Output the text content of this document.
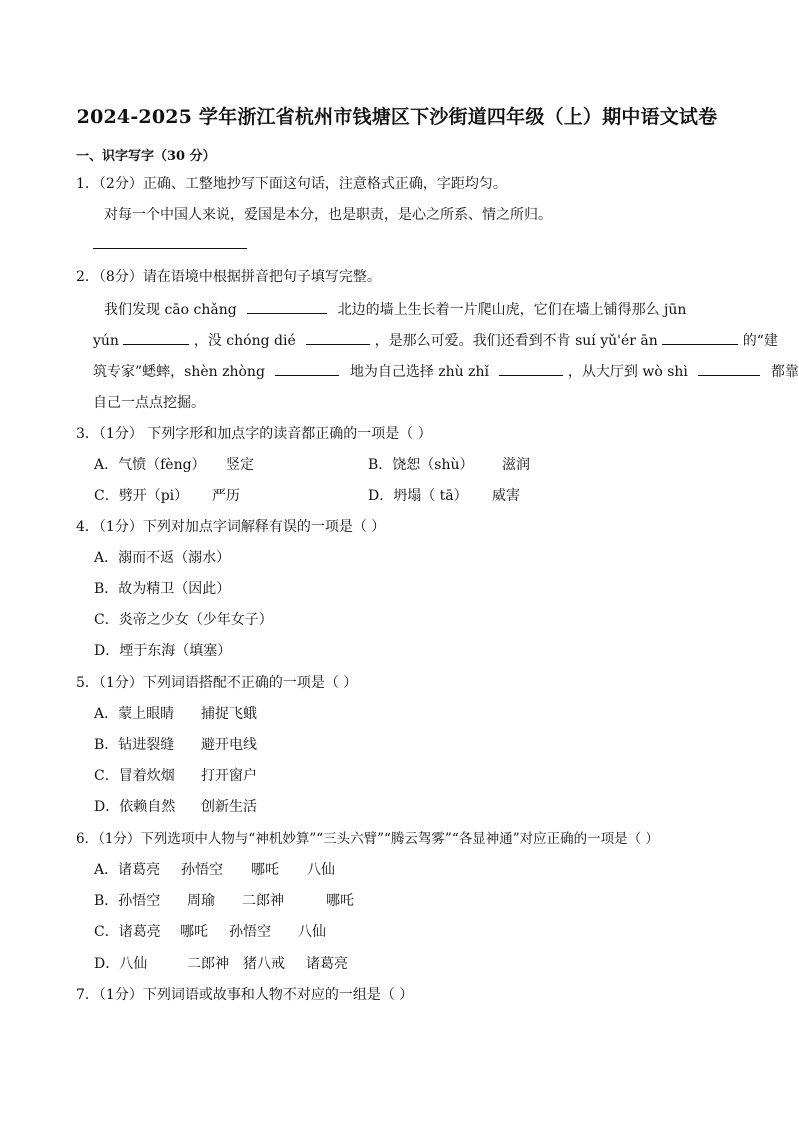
2024-2025 学年浙江省杭州市钱塘区下沙街道四年级（上）期中语文试卷
一、识字写字（30 分）
1．（2分）正确、工整地抄写下面这句话，注意格式正确，字距均匀。
对每一个中国人来说，爱国是本分，也是职责，是心之所系、情之所归。
2．（8分）请在语境中根据拼音把句子填写完整。
我们发现 cāo chǎng	北边的墙上生长着一片爬山虎，它们在墙上铺得那么 jūn
yún	，没 chóng dié	，是那么可爱。我们还看到不肯 suí yǔ'ér ān	的“建
筑专家”蟋蟀，shèn zhòng	地为自己选择 zhù zhǐ	，从大厅到 wò shì	都靠
自己一点点挖掘。
3．（1分） 下列字形和加点字的读音都正确的一项是（ ）
A．气愤（fèng） 竖定	B．饶恕（shù） 滋润
C．劈开（pi） 严历	D．坍塌（ tā） 威害
4．（1分）下列对加点字词解释有误的一项是（ ）
A．溺而不返（溺水）
B．故为精卫（因此）
C．炎帝之少女（少年女子）
D．堙于东海（填塞）
5．（1分）下列词语搭配不正确的一项是（ ）
A．蒙上眼睛 捕捉飞蛾
B．钻进裂缝 避开电线
C．冒着炊烟 打开窗户
D．依赖自然 创新生活
6．（1分）下列选项中人物与“神机妙算”“三头六臂”“腾云驾雾”“各显神通”对应正确的一项是（ ）
A．诸葛亮 孙悟空 哪吒 八仙
B．孙悟空 周瑜 二郎神	哪吒
C．诸葛亮 哪吒 孙悟空 八仙
D．八仙	二郎神 猪八戒 诸葛亮
7．（1分）下列词语或故事和人物不对应的一组是（ ）
